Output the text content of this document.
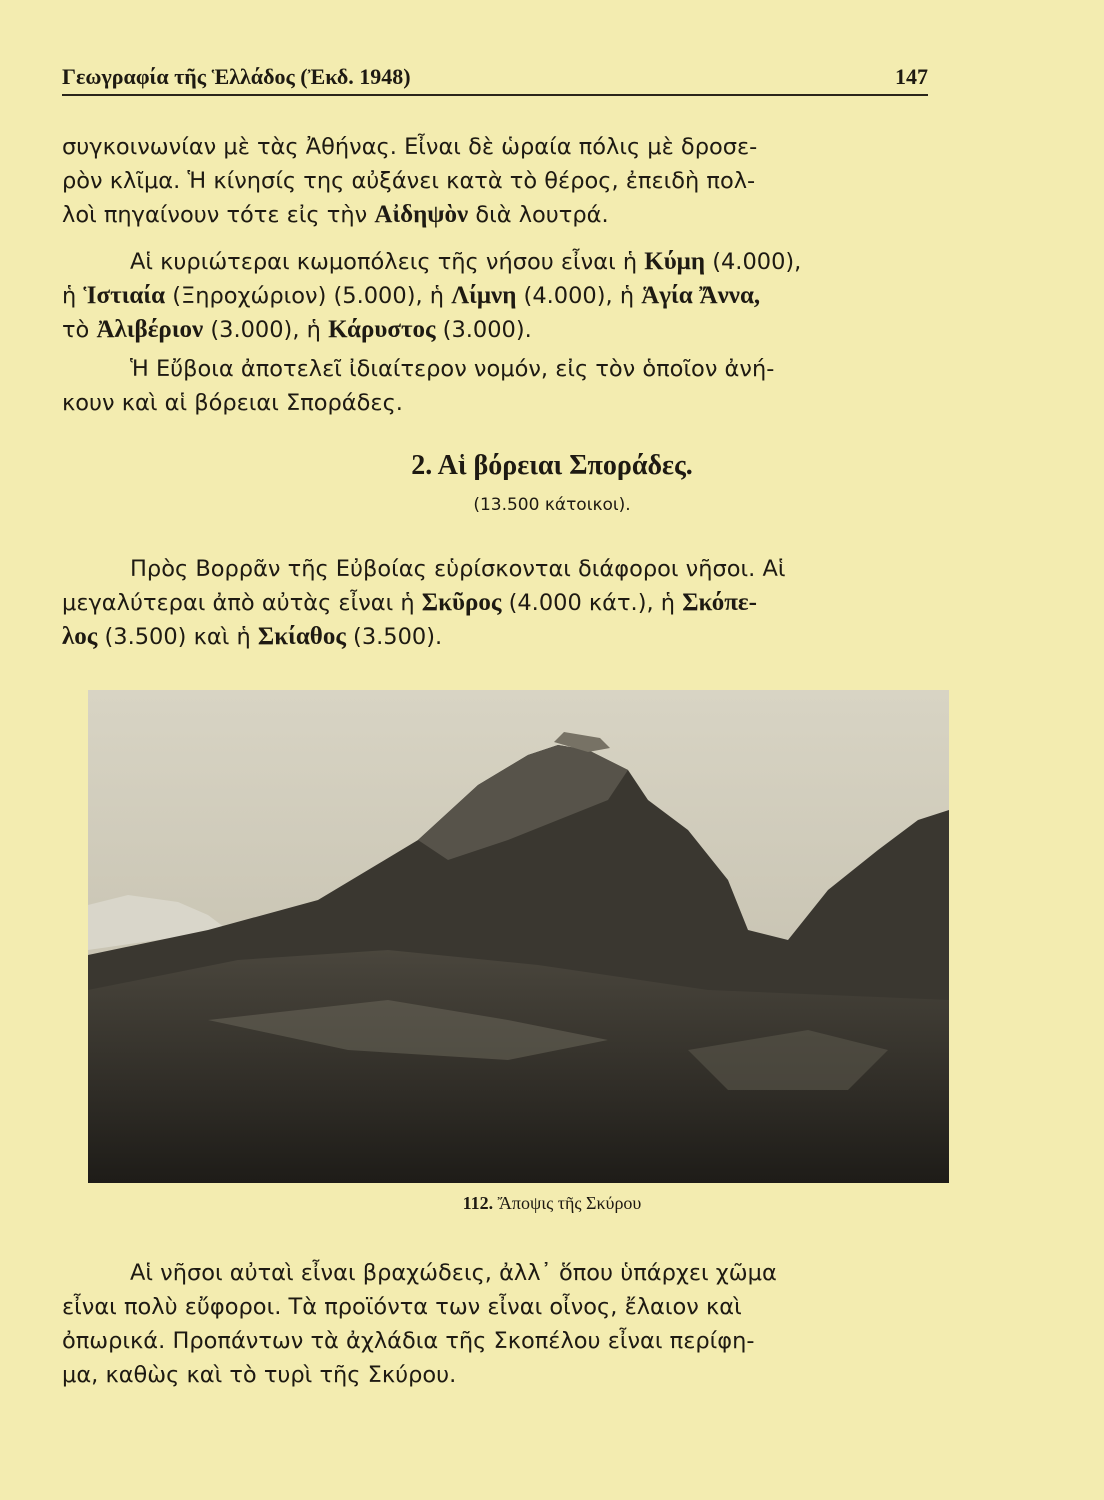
Γεωγραφία τῆς Ἑλλάδος (Ἐκδ. 1948)	147

συγκοινωνίαν μὲ τὰς Ἀθήνας. Εἶναι δὲ ὡραία πόλις μὲ δροσε-

ρὸν κλῖμα. Ἡ κίνησίς της αὐξάνει κατὰ τὸ θέρος, ἐπειδὴ πολ-

λοὶ πηγαίνουν τότε εἰς τὴν Αἰδηψὸν διὰ λουτρά.

Αἱ κυριώτεραι κωμοπόλεις τῆς νήσου εἶναι ἡ Κύμη (4.000),

ἡ Ἱστιαία (Ξηροχώριον) (5.000), ἡ Λίμνη (4.000), ἡ Ἁγία Ἄννα,

τὸ Ἀλιβέριον (3.000), ἡ Κάρυστος (3.000).

Ἡ Εὔβοια ἀποτελεῖ ἰδιαίτερον νομόν, εἰς τὸν ὁποῖον ἀνή-

κουν καὶ αἱ βόρειαι Σποράδες.

2. Αἱ βόρειαι Σποράδες.
(13.500 κάτοικοι).

Πρὸς Βορρᾶν τῆς Εὐβοίας εὑρίσκονται διάφοροι νῆσοι. Αἱ

μεγαλύτεραι ἀπὸ αὐτὰς εἶναι ἡ Σκῦρος (4.000 κάτ.), ἡ Σκόπε-

λος (3.500) καὶ ἡ Σκίαθος (3.500).

112. Ἄποψις τῆς Σκύρου

Αἱ νῆσοι αὐταὶ εἶναι βραχώδεις, ἀλλ᾿ ὅπου ὑπάρχει χῶμα

εἶναι πολὺ εὔφοροι. Τὰ προϊόντα των εἶναι οἶνος, ἔλαιον καὶ

ὀπωρικά. Προπάντων τὰ ἀχλάδια τῆς Σκοπέλου εἶναι περίφη-

μα, καθὼς καὶ τὸ τυρὶ τῆς Σκύρου.
